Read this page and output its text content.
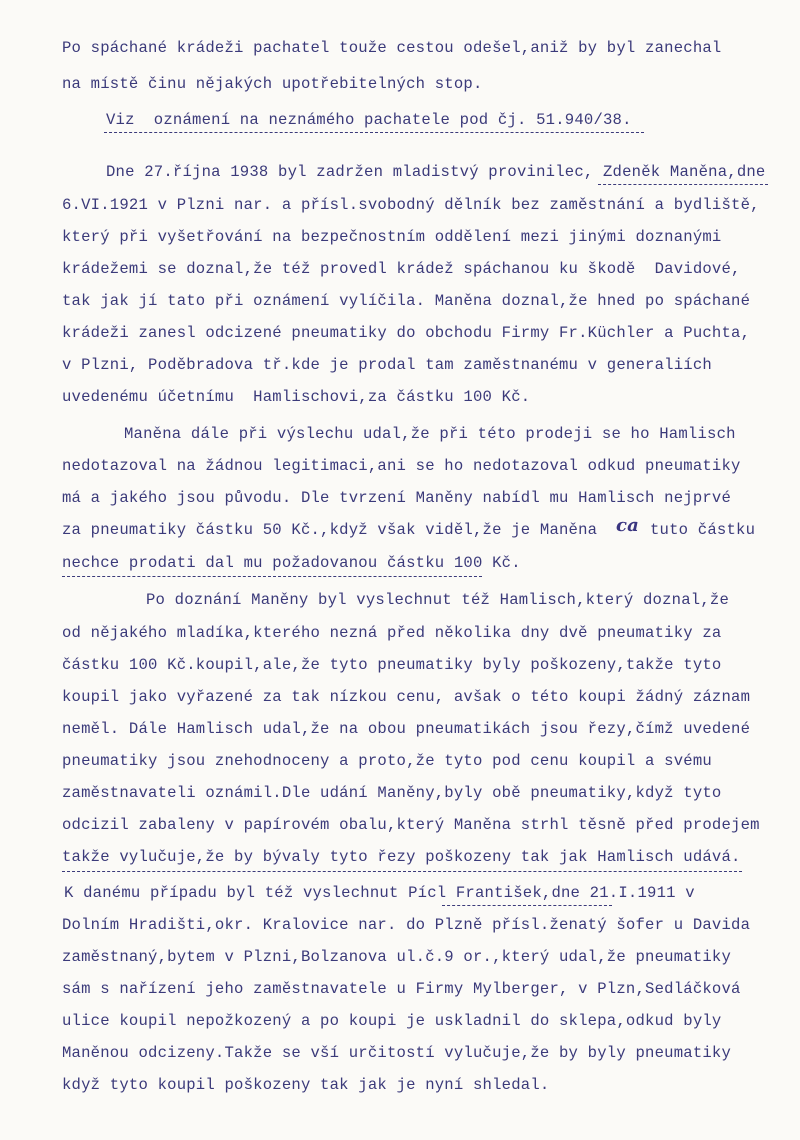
Po spáchané krádeži pachatel touže cestou odešel,aniž by byl zanechal
na místě činu nějakých upotřebitelných stop.
Viz  oznámení na neznámého pachatele pod čj. 51.940/38.
Dne 27.října 1938 byl zadržen mladistvý provinilec, Zdeněk Maněna,dne
6.VI.1921 v Plzni nar. a přísl.svobodný dělník bez zaměstnání a bydliště,
který při vyšetřování na bezpečnostním oddělení mezi jinými doznanými
krádežemi se doznal,že též provedl krádež spáchanou ku škodě  Davidové,
tak jak jí tato při oznámení vylíčila. Maněna doznal,že hned po spáchané
krádeži zanesl odcizené pneumatiky do obchodu Firmy Fr.Küchler a Puchta,
v Plzni, Poděbradova tř.kde je prodal tam zaměstnanému v generaliích
uvedenému účetnímu  Hamlischovi,za částku 100 Kč.
Maněna dále při výslechu udal,že při této prodeji se ho Hamlisch
nedotazoval na žádnou legitimaci,ani se ho nedotazoval odkud pneumatiky
má a jakého jsou původu. Dle tvrzení Maněny nabídl mu Hamlisch nejprvé
za pneumatiky částku 50 Kč.,když však viděl,že je Maněna ca tuto částku
nechce prodati dal mu požadovanou částku 100 Kč.
Po doznání Maněny byl vyslechnut též Hamlisch,který doznal,že
od nějakého mladíka,kterého nezná před několika dny dvě pneumatiky za
částku 100 Kč.koupil,ale,že tyto pneumatiky byly poškozeny,takže tyto
koupil jako vyřazené za tak nízkou cenu, avšak o této koupi žádný záznam
neměl. Dále Hamlisch udal,že na obou pneumatikách jsou řezy,čímž uvedené
pneumatiky jsou znehodnoceny a proto,že tyto pod cenu koupil a svému
zaměstnavateli oznámil.Dle udání Maněny,byly obě pneumatiky,když tyto
odcizil zabaleny v papírovém obalu,který Maněna strhl těsně před prodejem
takže vylučuje,že by bývaly tyto řezy poškozeny tak jak Hamlisch udává.
K danému případu byl též vyslechnut Pícl František,dne 21.I.1911 v
Dolním Hradišti,okr. Kralovice nar. do Plzně přísl.ženatý šofer u Davida
zaměstnaný,bytem v Plzni,Bolzanova ul.č.9 or.,který udal,že pneumatiky
sám s nařízení jeho zaměstnavatele u Firmy Mylberger, v Plzn,Sedláčková
ulice koupil nepožkozený a po koupi je uskladnil do sklepa,odkud byly
Maněnou odcizeny.Takže se vší určitostí vylučuje,že by byly pneumatiky
když tyto koupil poškozeny tak jak je nyní shledal.
